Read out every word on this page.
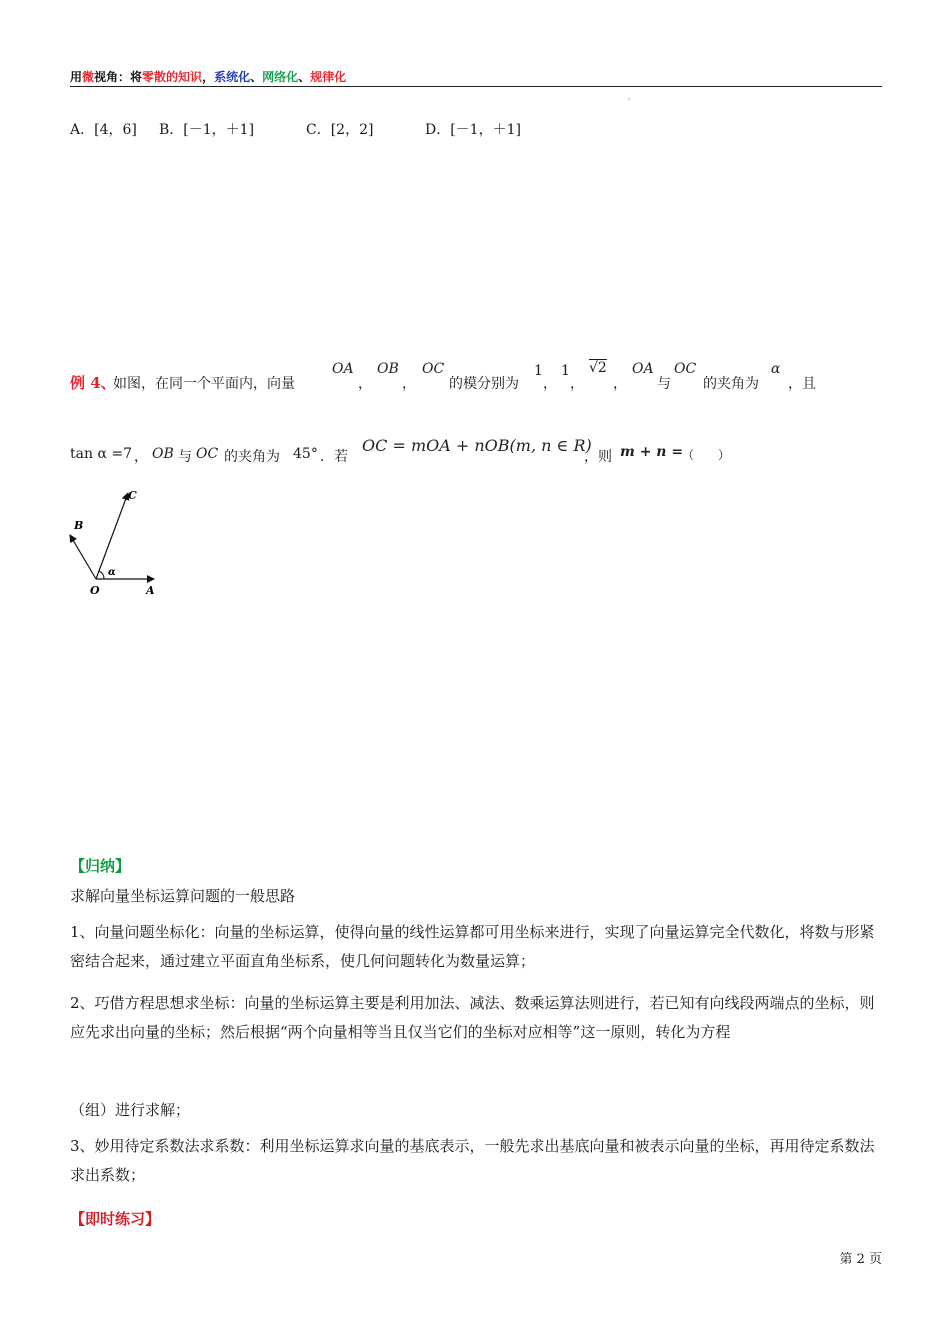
用微视角：将零散的知识，系统化、网络化、规律化
'
A．[4，6] B．[－1，＋1]	C．[2，2]	D．[－1，＋1]
例 4、
如图，在同一个平面内，向量
OA
，
OB
，
OC
的模分别为
1
，
1
，
√2
，
OA
与
OC
的夹角为
α
，且
tan α =7 ， OB 与 OC 的夹角为 45° ．若
OC = mOA + nOB(m, n ∈ R)
，则 m + n =
（　　）
O	A
B
C
α
【归纳】
求解向量坐标运算问题的一般思路
1、向量问题坐标化：向量的坐标运算，使得向量的线性运算都可用坐标来进行，实现了向量运算完全代数化，将数与形紧密结合起来，通过建立平面直角坐标系，使几何问题转化为数量运算；
2、巧借方程思想求坐标：向量的坐标运算主要是利用加法、减法、数乘运算法则进行，若已知有向线段两端点的坐标，则应先求出向量的坐标；然后根据“两个向量相等当且仅当它们的坐标对应相等”这一原则，转化为方程
（组）进行求解；
3、妙用待定系数法求系数：利用坐标运算求向量的基底表示，一般先求出基底向量和被表示向量的坐标，再用待定系数法求出系数；
【即时练习】
第 2 页
